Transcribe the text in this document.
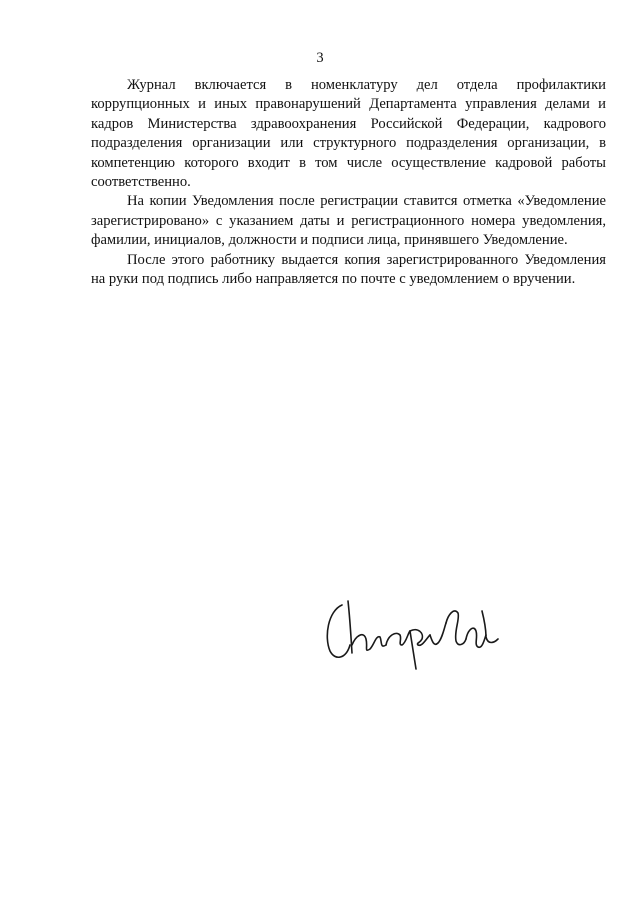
3

Журнал включается в номенклатуру дел отдела профилактики коррупционных и иных правонарушений Департамента управления делами и кадров Министерства здравоохранения Российской Федерации, кадрового подразделения организации или структурного подразделения организации, в компетенцию которого входит в том числе осуществление кадровой работы соответственно.

На копии Уведомления после регистрации ставится отметка «Уведомление зарегистрировано» с указанием даты и регистрационного номера уведомления, фамилии, инициалов, должности и подписи лица, принявшего Уведомление.

После этого работнику выдается копия зарегистрированного Уведомления на руки под подпись либо направляется по почте с уведомлением о вручении.
